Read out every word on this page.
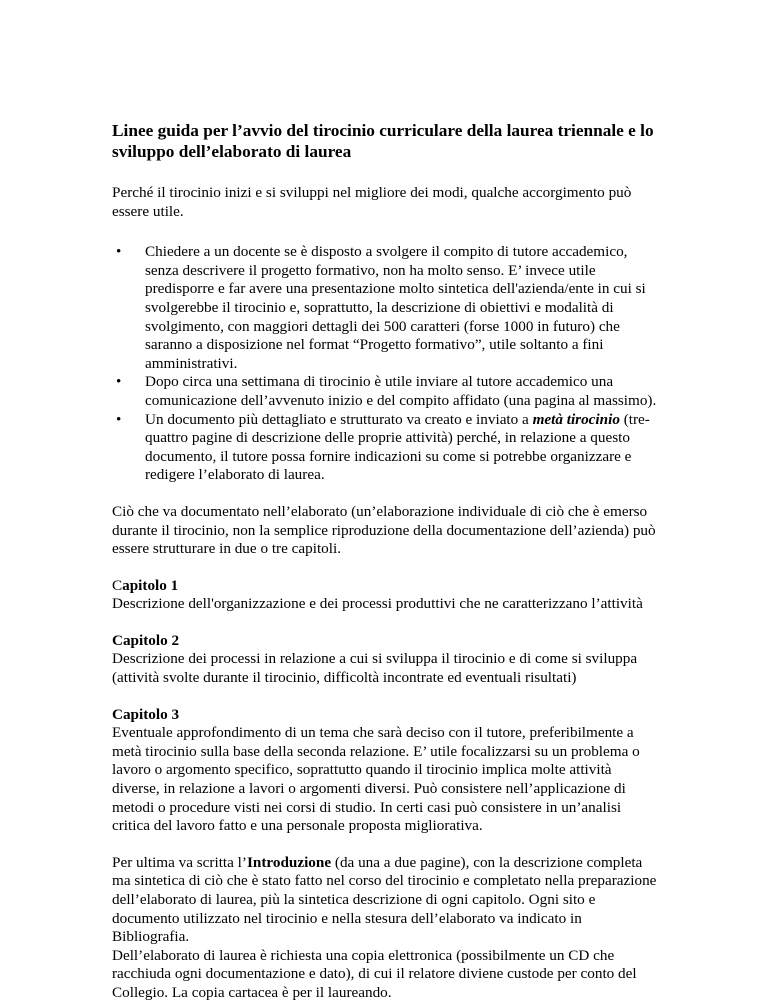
Linee guida per l’avvio del tirocinio curriculare della laurea triennale e lo sviluppo dell’elaborato di laurea

Perché il tirocinio inizi e si sviluppi nel migliore dei modi, qualche accorgimento può essere utile.

• Chiedere a un docente se è disposto a svolgere il compito di tutore accademico, senza descrivere il progetto formativo, non ha molto senso. E’ invece utile predisporre e far avere una presentazione molto sintetica dell'azienda/ente in cui si svolgerebbe il tirocinio e, soprattutto, la descrizione di obiettivi e modalità di svolgimento, con maggiori dettagli dei 500 caratteri (forse 1000 in futuro) che saranno a disposizione nel format “Progetto formativo”, utile soltanto a fini amministrativi.
• Dopo circa una settimana di tirocinio è utile inviare al tutore accademico una comunicazione dell’avvenuto inizio e del compito affidato (una pagina al massimo).
• Un documento più dettagliato e strutturato va creato e inviato a metà tirocinio (tre-quattro pagine di descrizione delle proprie attività) perché, in relazione a questo documento, il tutore possa fornire indicazioni su come si potrebbe organizzare e redigere l’elaborato di laurea.

Ciò che va documentato nell’elaborato (un’elaborazione individuale di ciò che è emerso durante il tirocinio, non la semplice riproduzione della documentazione dell’azienda) può essere strutturare in due o tre capitoli.

Capitolo 1
Descrizione dell'organizzazione e dei processi produttivi che ne caratterizzano l’attività
Capitolo 2
Descrizione dei processi in relazione a cui si sviluppa il tirocinio e di come si sviluppa (attività svolte durante il tirocinio, difficoltà incontrate ed eventuali risultati)
Capitolo 3
Eventuale approfondimento di un tema che sarà deciso con il tutore, preferibilmente a metà tirocinio sulla base della seconda relazione. E’ utile focalizzarsi su un problema o lavoro o argomento specifico, soprattutto quando il tirocinio implica molte attività diverse, in relazione a lavori o argomenti diversi. Può consistere nell’applicazione di metodi o procedure visti nei corsi di studio. In certi casi può consistere in un’analisi critica del lavoro fatto e una personale proposta migliorativa.

Per ultima va scritta l’Introduzione (da una a due pagine), con la descrizione completa ma sintetica di ciò che è stato fatto nel corso del tirocinio e completato nella preparazione dell’elaborato di laurea, più la sintetica descrizione di ogni capitolo. Ogni sito e documento utilizzato nel tirocinio e nella stesura dell’elaborato va indicato in Bibliografia.

Dell’elaborato di laurea è richiesta una copia elettronica (possibilmente un CD che racchiuda ogni documentazione e dato), di cui il relatore diviene custode per conto del Collegio. La copia cartacea è per il laureando.
